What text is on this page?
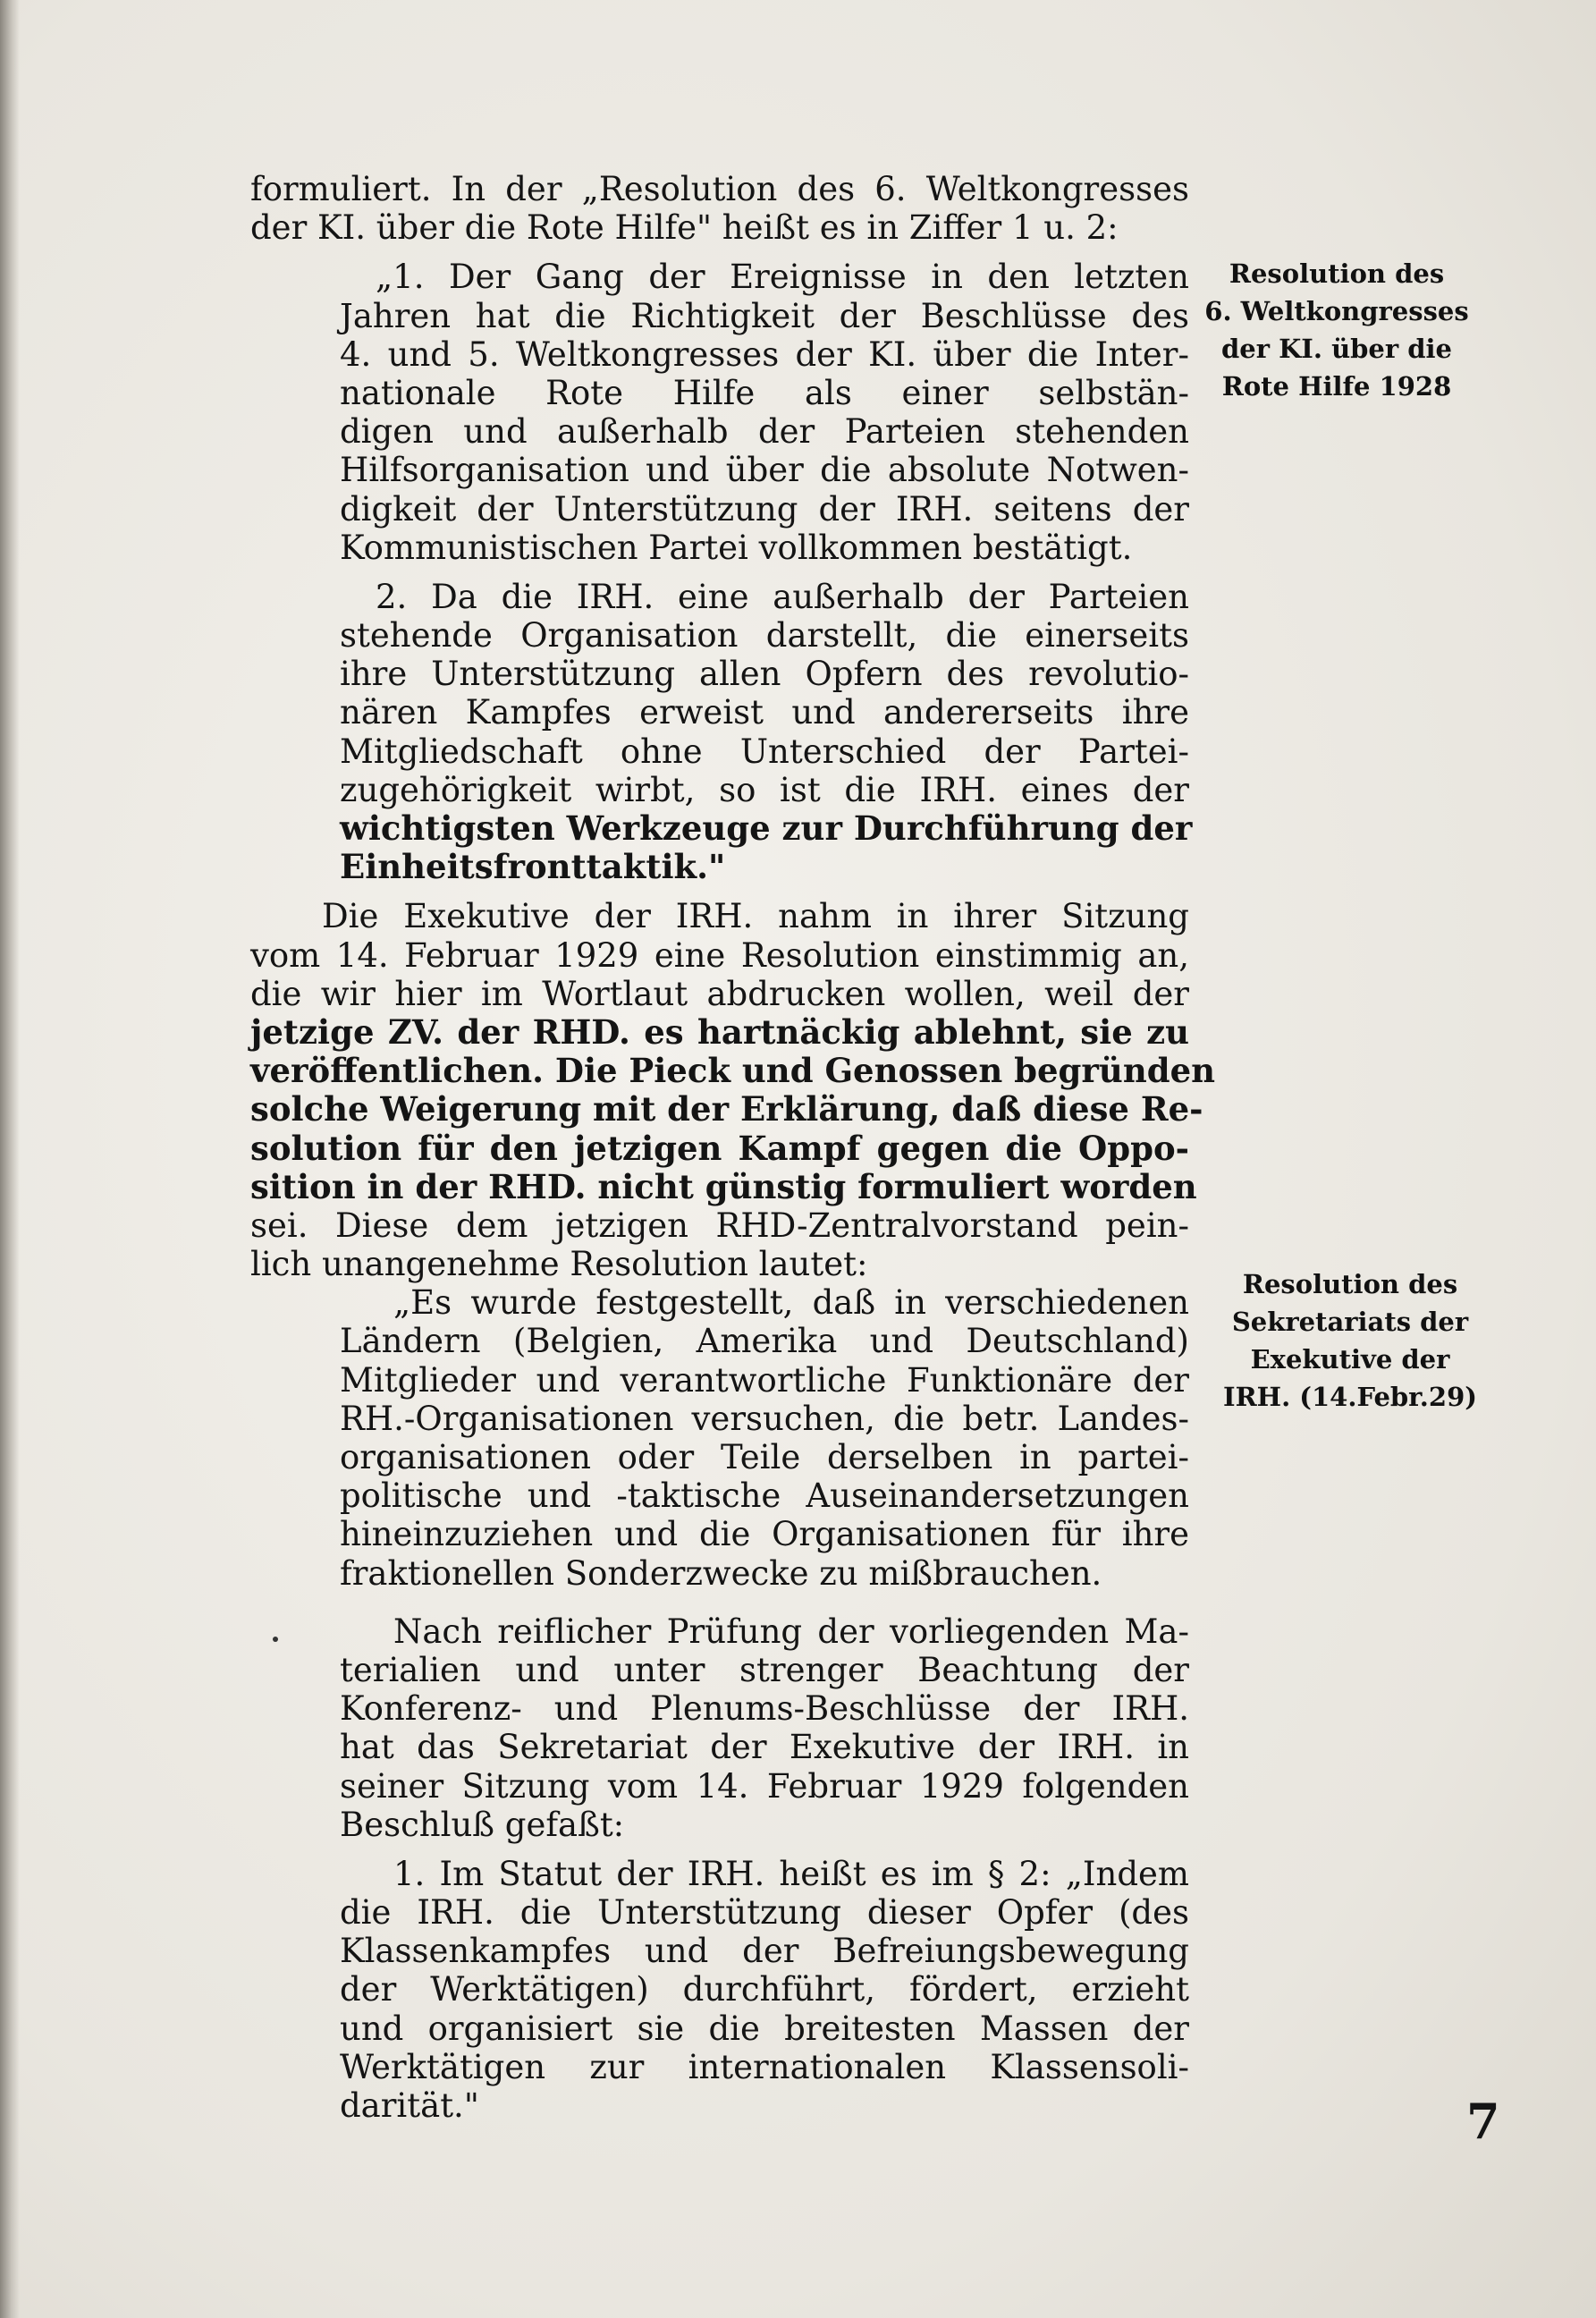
formuliert. In der „Resolution des 6. Weltkongresses
der KI. über die Rote Hilfe" heißt es in Ziffer 1 u. 2:
„1. Der Gang der Ereignisse in den letzten
Jahren hat die Richtigkeit der Beschlüsse des
4. und 5. Weltkongresses der KI. über die Inter-
nationale Rote Hilfe als einer selbstän-
digen und außerhalb der Parteien stehenden
Hilfsorganisation und über die absolute Notwen-
digkeit der Unterstützung der IRH. seitens der
Kommunistischen Partei vollkommen bestätigt.
2. Da die IRH. eine außerhalb der Parteien
stehende Organisation darstellt, die einerseits
ihre Unterstützung allen Opfern des revolutio-
nären Kampfes erweist und andererseits ihre
Mitgliedschaft ohne Unterschied der Partei-
zugehörigkeit wirbt, so ist die IRH. eines der
wichtigsten Werkzeuge zur Durchführung der
Einheitsfronttaktik."
Die Exekutive der IRH. nahm in ihrer Sitzung
vom 14. Februar 1929 eine Resolution einstimmig an,
die wir hier im Wortlaut abdrucken wollen, weil der
jetzige ZV. der RHD. es hartnäckig ablehnt, sie zu
veröffentlichen. Die Pieck und Genossen begründen
solche Weigerung mit der Erklärung, daß diese Re-
solution für den jetzigen Kampf gegen die Oppo-
sition in der RHD. nicht günstig formuliert worden
sei. Diese dem jetzigen RHD-Zentralvorstand pein-
lich unangenehme Resolution lautet:
„Es wurde festgestellt, daß in verschiedenen
Ländern (Belgien, Amerika und Deutschland)
Mitglieder und verantwortliche Funktionäre der
RH.-Organisationen versuchen, die betr. Landes-
organisationen oder Teile derselben in partei-
politische und -taktische Auseinandersetzungen
hineinzuziehen und die Organisationen für ihre
fraktionellen Sonderzwecke zu mißbrauchen.
Nach reiflicher Prüfung der vorliegenden Ma-
terialien und unter strenger Beachtung der
Konferenz- und Plenums-Beschlüsse der IRH.
hat das Sekretariat der Exekutive der IRH. in
seiner Sitzung vom 14. Februar 1929 folgenden
Beschluß gefaßt:
1. Im Statut der IRH. heißt es im § 2: „Indem
die IRH. die Unterstützung dieser Opfer (des
Klassenkampfes und der Befreiungsbewegung
der Werktätigen) durchführt, fördert, erzieht
und organisiert sie die breitesten Massen der
Werktätigen zur internationalen Klassensoli-
darität."
Resolution des
6. Weltkongresses
der KI. über die
Rote Hilfe 1928
Resolution des
Sekretariats der
Exekutive der
IRH. (14.Febr.29)
7
